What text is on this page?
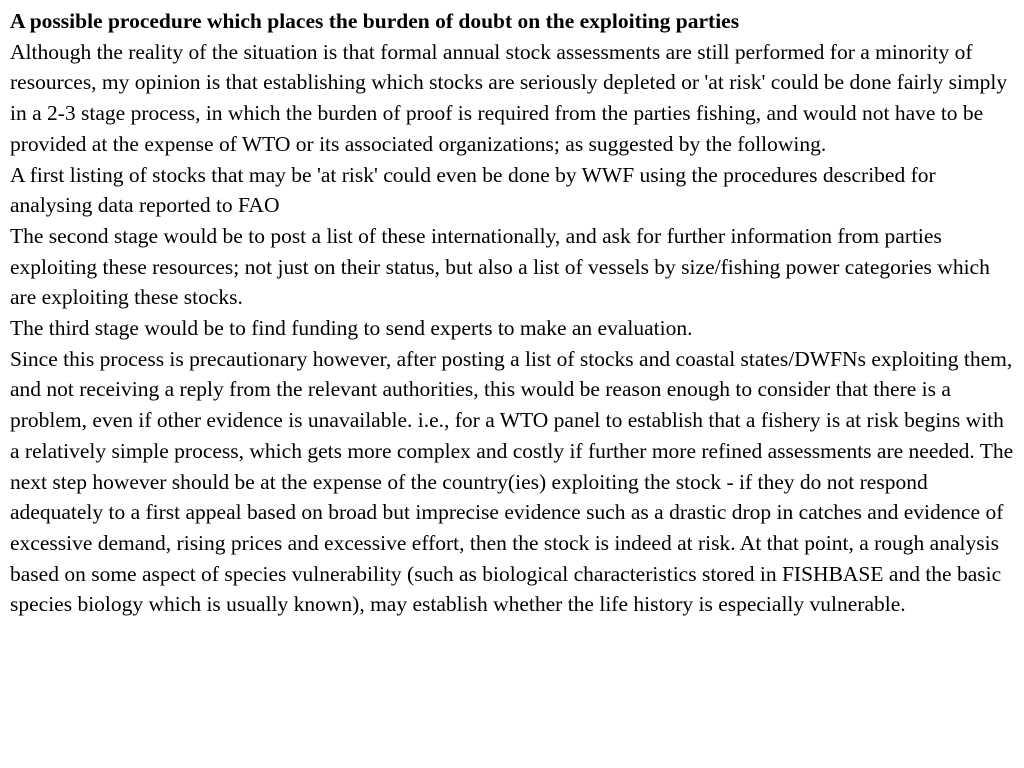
A possible procedure which places the burden of doubt on the exploiting parties

Although the reality of the situation is that formal annual stock assessments are still performed for a minority of resources, my opinion is that establishing which stocks are seriously depleted or 'at risk' could be done fairly simply in a 2-3 stage process, in which the burden of proof is required from the parties fishing, and would not have to be provided at the expense of WTO or its associated organizations; as suggested by the following.

A first listing of stocks that may be 'at risk' could even be done by WWF using the procedures described for analysing data reported to FAO

The second stage would be to post a list of these internationally, and ask for further information from parties exploiting these resources; not just on their status, but also a list of vessels by size/fishing power categories which are exploiting these stocks.

The third stage would be to find funding to send experts to make an evaluation.

Since this process is precautionary however, after posting a list of stocks and coastal states/DWFNs exploiting them, and not receiving a reply from the relevant authorities, this would be reason enough to consider that there is a problem, even if other evidence is unavailable. i.e., for a WTO panel to establish that a fishery is at risk begins with a relatively simple process, which gets more complex and costly if further more refined assessments are needed. The next step however should be at the expense of the country(ies) exploiting the stock - if they do not respond adequately to a first appeal based on broad but imprecise evidence such as a drastic drop in catches and evidence of excessive demand, rising prices and excessive effort, then the stock is indeed at risk. At that point, a rough analysis based on some aspect of species vulnerability (such as biological characteristics stored in FISHBASE and the basic species biology which is usually known), may establish whether the life history is especially vulnerable.
